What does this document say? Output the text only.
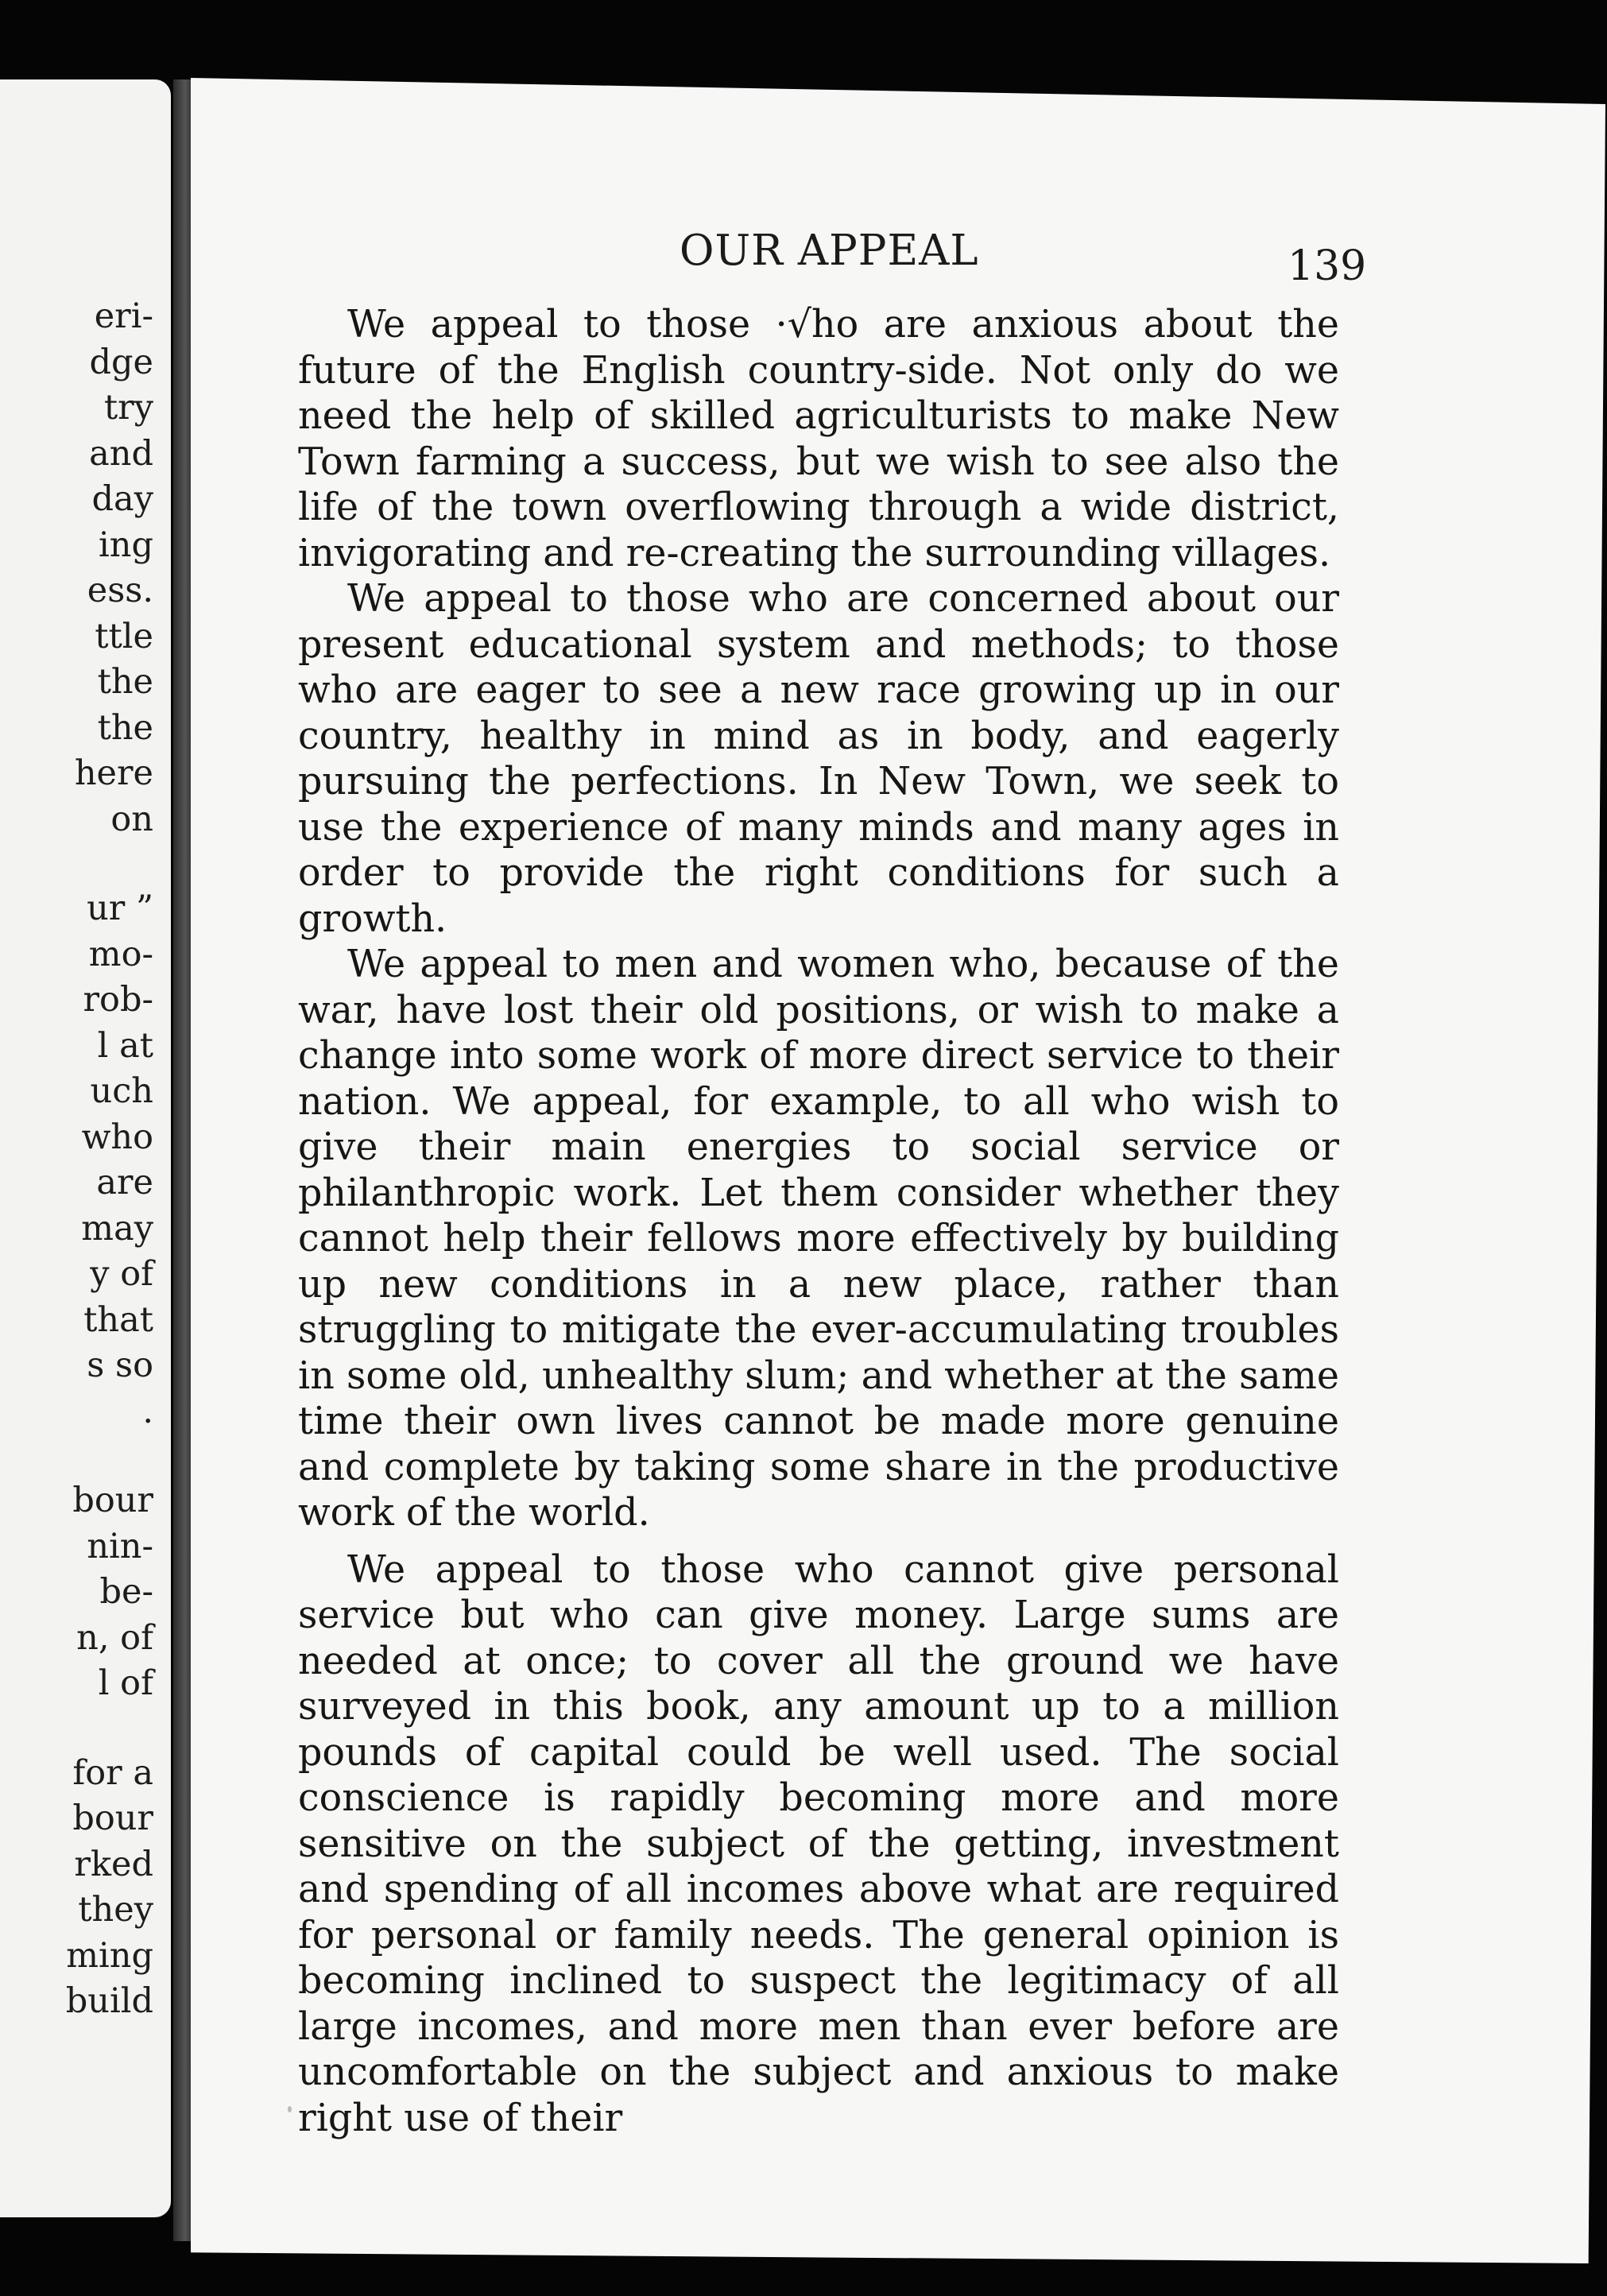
eri-
dge
try
and
day
ing
ess.
ttle
the
the
here
on
ur ”
mo-
rob-
l at
uch
who
are
may
y of
that
s so
.
bour
nin-
be-
n, of
l of
for a
bour
rked
they
ming
build
OUR APPEAL	139

We appeal to those ·√ho are anxious about the future of the English country-side. Not only do we need the help of skilled agriculturists to make New Town farming a success, but we wish to see also the life of the town overflowing through a wide district, invigorating and re-creating the surrounding villages.

We appeal to those who are concerned about our present educational system and methods; to those who are eager to see a new race growing up in our country, healthy in mind as in body, and eagerly pursuing the perfections. In New Town, we seek to use the experience of many minds and many ages in order to provide the right conditions for such a growth.

We appeal to men and women who, because of the war, have lost their old positions, or wish to make a change into some work of more direct service to their nation. We appeal, for example, to all who wish to give their main energies to social service or philanthropic work. Let them consider whether they cannot help their fellows more effectively by building up new conditions in a new place, rather than struggling to mitigate the ever-accumulating troubles in some old, unhealthy slum; and whether at the same time their own lives cannot be made more genuine and complete by taking some share in the productive work of the world.

We appeal to those who cannot give personal service but who can give money. Large sums are needed at once; to cover all the ground we have surveyed in this book, any amount up to a million pounds of capital could be well used. The social conscience is rapidly becoming more and more sensitive on the subject of the getting, investment and spending of all incomes above what are required for personal or family needs. The general opinion is becoming inclined to suspect the legitimacy of all large incomes, and more men than ever before are uncomfortable on the subject and anxious to make right use of their
